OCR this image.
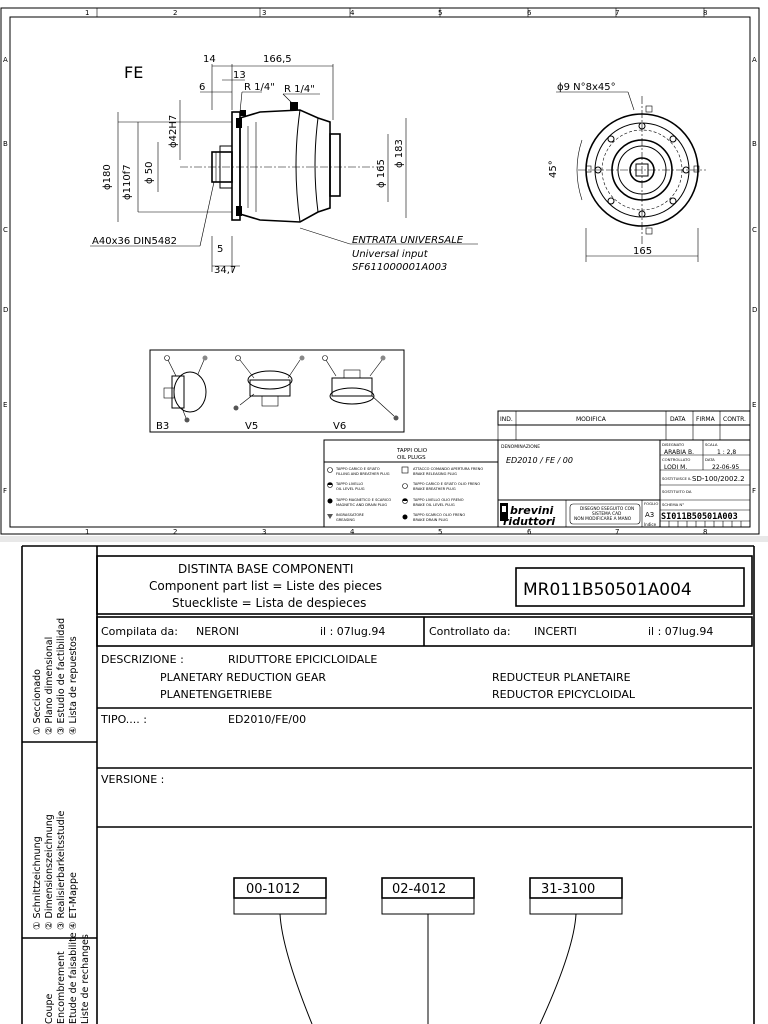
1	2	3	4	5	6	7	8
1	2	3	4	5	6	7	8
A
B
C
D
E
F
A
B
C
D
E
F
FE
14	166,5
13
6	R 1/4" R 1/4"
ϕ180 ϕ110f7 ϕ 50
ϕ42H7
ϕ 165
ϕ 183
A40x36 DIN5482
5
34,7
ENTRATA UNIVERSALE
Universal input
SF611000001A003
ϕ9 N°8x45°
45°
165
B3	V5	V6
TAPPI OLIO
OIL PLUGS
TAPPO CARICO E SFIATO
FILLING AND BREATHER PLUG
TAPPO LIVELLO
OIL LEVEL PLUG
TAPPO MAGNETICO E SCARICO
MAGNETIC AND DRAIN PLUG
INGRASSATORE
GREASING
ATTACCO COMANDO APERTURA FRENO
BRAKE RELEASING PLUG
TAPPO CARICO E SFIATO OLIO FRENO
BRAKE BREATHER PLUG
TAPPO LIVELLO OLIO FRENO
BRAKE OIL LEVEL PLUG
TAPPO SCARICO OLIO FRENO
BRAKE DRAIN PLUG
IND.	MODIFICA	DATA FIRMA CONTR.
DENOMINAZIONE
ED2010 / FE / 00
DISEGNATO
ARABIA B.
SCALA
1 : 2,8
CONTROLLATO
LODI M.
DATA
22-06-95
SOSTITUISCE IL SD-100/2002.2
SOSTITUITO DA
SCHEMA N°
brevini
riduttori
DISEGNO ESEGUITO CON
SISTEMA CAD
NON MODIFICARE A MANO
FOGLIO
A3
Indice
SI011B50501A003
DISTINTA BASE COMPONENTI
Component part list = Liste des pieces
Stueckliste = Lista de despieces
MR011B50501A004
Compilata da: NERONI	il : 07lug.94	Controllato da: INCERTI	il : 07lug.94
DESCRIZIONE :	RIDUTTORE EPICICLOIDALE
PLANETARY REDUCTION GEAR
PLANETENGETRIEBE
REDUCTEUR PLANETAIRE
REDUCTOR EPICYCLOIDAL
TIPO.... :	ED2010/FE/00
VERSIONE :
00-1012	02-4012	31-3100
① Seccionado ② Plano dimensional ③ Estudio de factibilidad ④ Lista de repuestos
① Schnittzeichnung ② Dimensionszeichnung ③ Realisierbarkeitsstudie ④ ET-Mappe
Coupe Encombrement Etude de faisabilite Liste de rechanges
